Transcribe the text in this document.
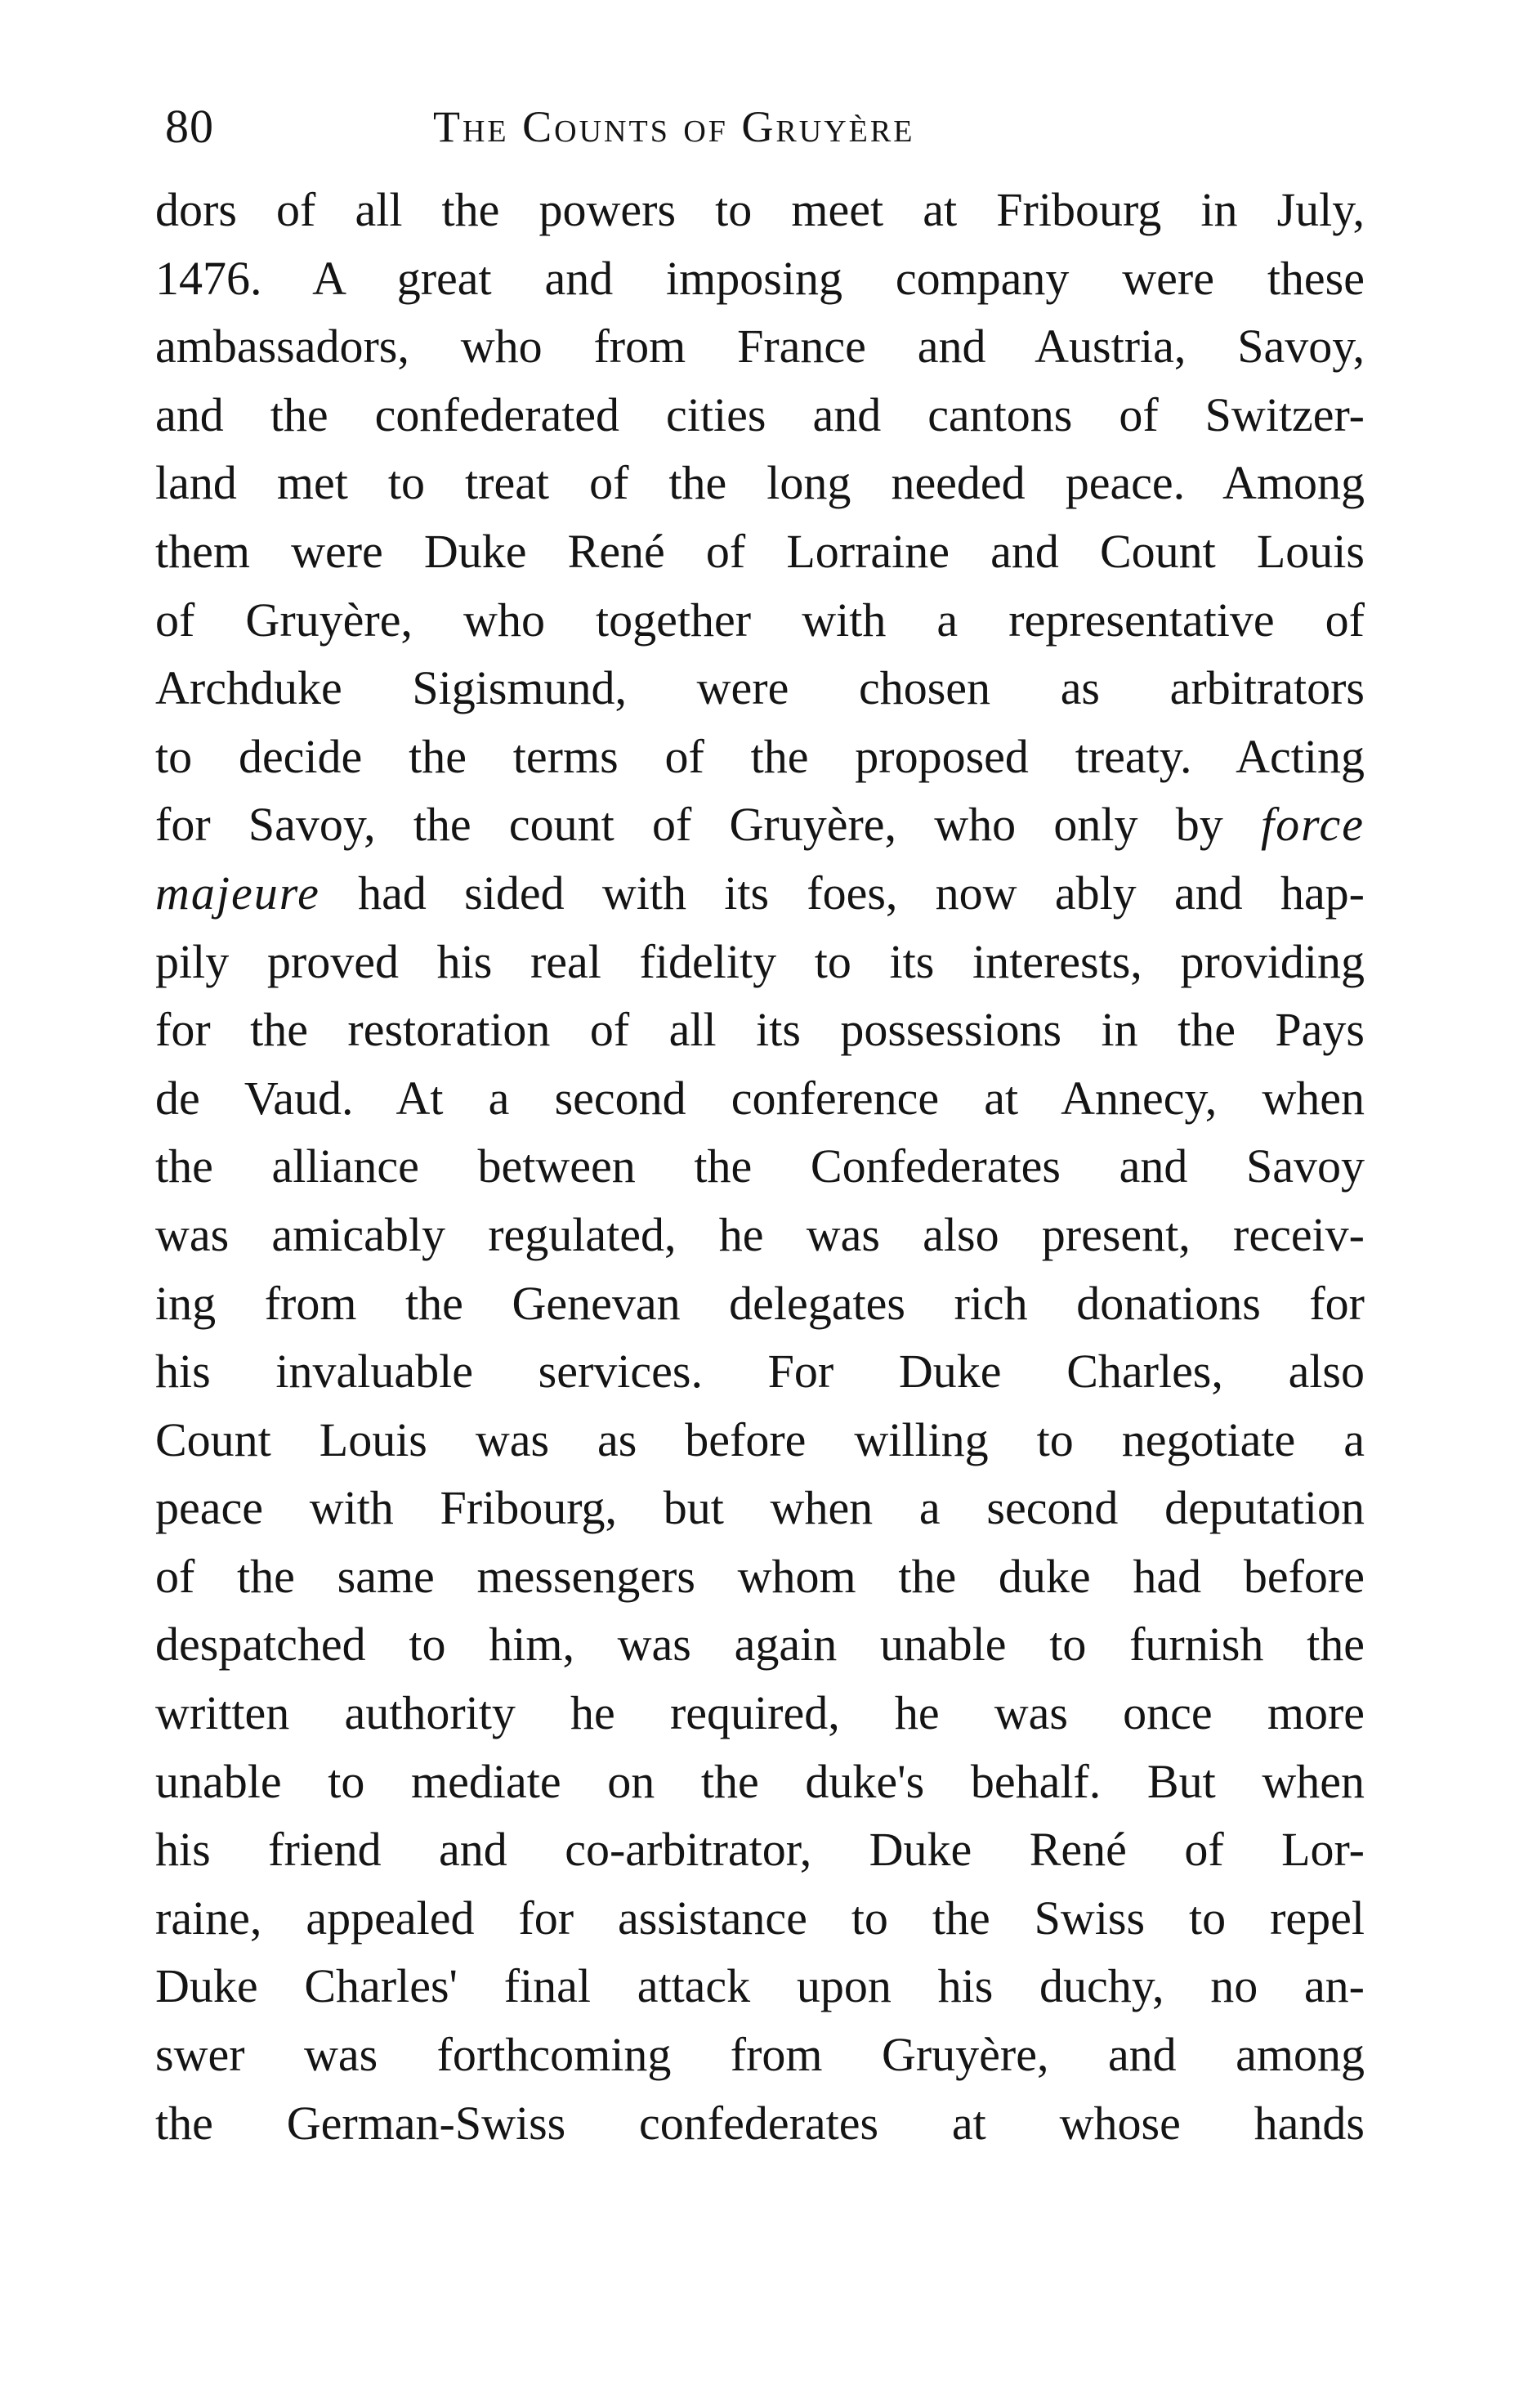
80	The Counts of Gruyère
dors of all the powers to meet at Fribourg in July,
1476. A great and imposing company were these
ambassadors, who from France and Austria, Savoy,
and the confederated cities and cantons of Switzer-
land met to treat of the long needed peace. Among
them were Duke René of Lorraine and Count Louis
of Gruyère, who together with a representative of
Archduke Sigismund, were chosen as arbitrators
to decide the terms of the proposed treaty. Acting
for Savoy, the count of Gruyère, who only by force
majeure had sided with its foes, now ably and hap-
pily proved his real fidelity to its interests, providing
for the restoration of all its possessions in the Pays
de Vaud. At a second conference at Annecy, when
the alliance between the Confederates and Savoy
was amicably regulated, he was also present, receiv-
ing from the Genevan delegates rich donations for
his invaluable services. For Duke Charles, also
Count Louis was as before willing to negotiate a
peace with Fribourg, but when a second deputation
of the same messengers whom the duke had before
despatched to him, was again unable to furnish the
written authority he required, he was once more
unable to mediate on the duke's behalf. But when
his friend and co-arbitrator, Duke René of Lor-
raine, appealed for assistance to the Swiss to repel
Duke Charles' final attack upon his duchy, no an-
swer was forthcoming from Gruyère, and among
the German-Swiss confederates at whose hands
